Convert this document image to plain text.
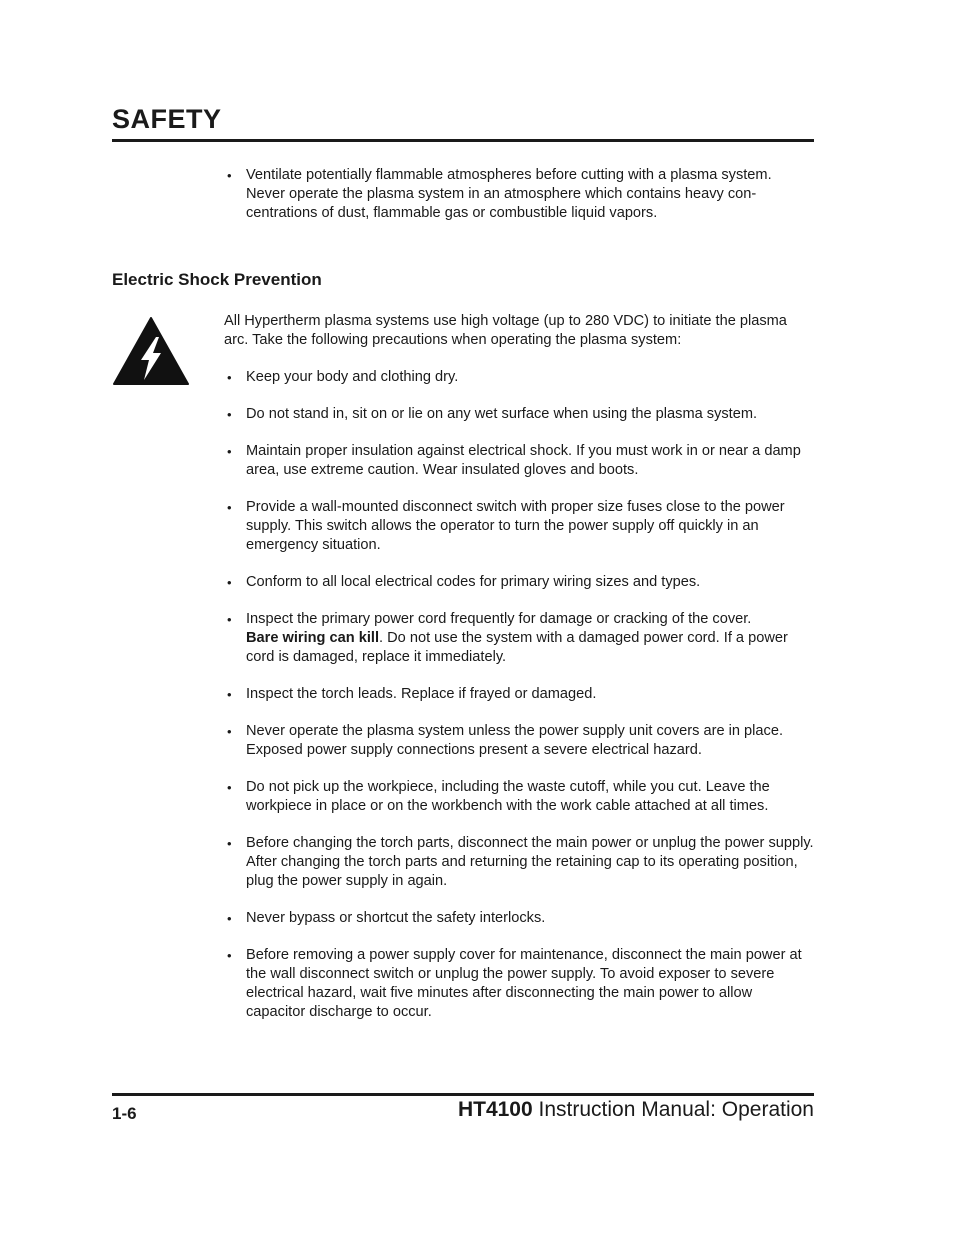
SAFETY
• Ventilate potentially flammable atmospheres before cutting with a plasma system. Never operate the plasma system in an atmosphere which contains heavy con-centrations of dust, flammable gas or combustible liquid vapors.
Electric Shock Prevention

All Hypertherm plasma systems use high voltage (up to 280 VDC) to initiate the plasma arc. Take the following precautions when operating the plasma system:

• Keep your body and clothing dry.
• Do not stand in, sit on or lie on any wet surface when using the plasma system.
• Maintain proper insulation against electrical shock. If you must work in or near a damp area, use extreme caution. Wear insulated gloves and boots.
• Provide a wall-mounted disconnect switch with proper size fuses close to the power supply. This switch allows the operator to turn the power supply off quickly in an emergency situation.
• Conform to all local electrical codes for primary wiring sizes and types.
• Inspect the primary power cord frequently for damage or cracking of the cover.
Bare wiring can kill. Do not use the system with a damaged power cord. If a power cord is damaged, replace it immediately.
• Inspect the torch leads. Replace if frayed or damaged.
• Never operate the plasma system unless the power supply unit covers are in place. Exposed power supply connections present a severe electrical hazard.
• Do not pick up the workpiece, including the waste cutoff, while you cut. Leave the workpiece in place or on the workbench with the work cable attached at all times.
• Before changing the torch parts, disconnect the main power or unplug the power supply. After changing the torch parts and returning the retaining cap to its operating position, plug the power supply in again.
• Never bypass or shortcut the safety interlocks.
• Before removing a power supply cover for maintenance, disconnect the main power at the wall disconnect switch or unplug the power supply. To avoid exposer to severe electrical hazard, wait five minutes after disconnecting the main power to allow capacitor discharge to occur.
1-6	HT4100 Instruction Manual: Operation
